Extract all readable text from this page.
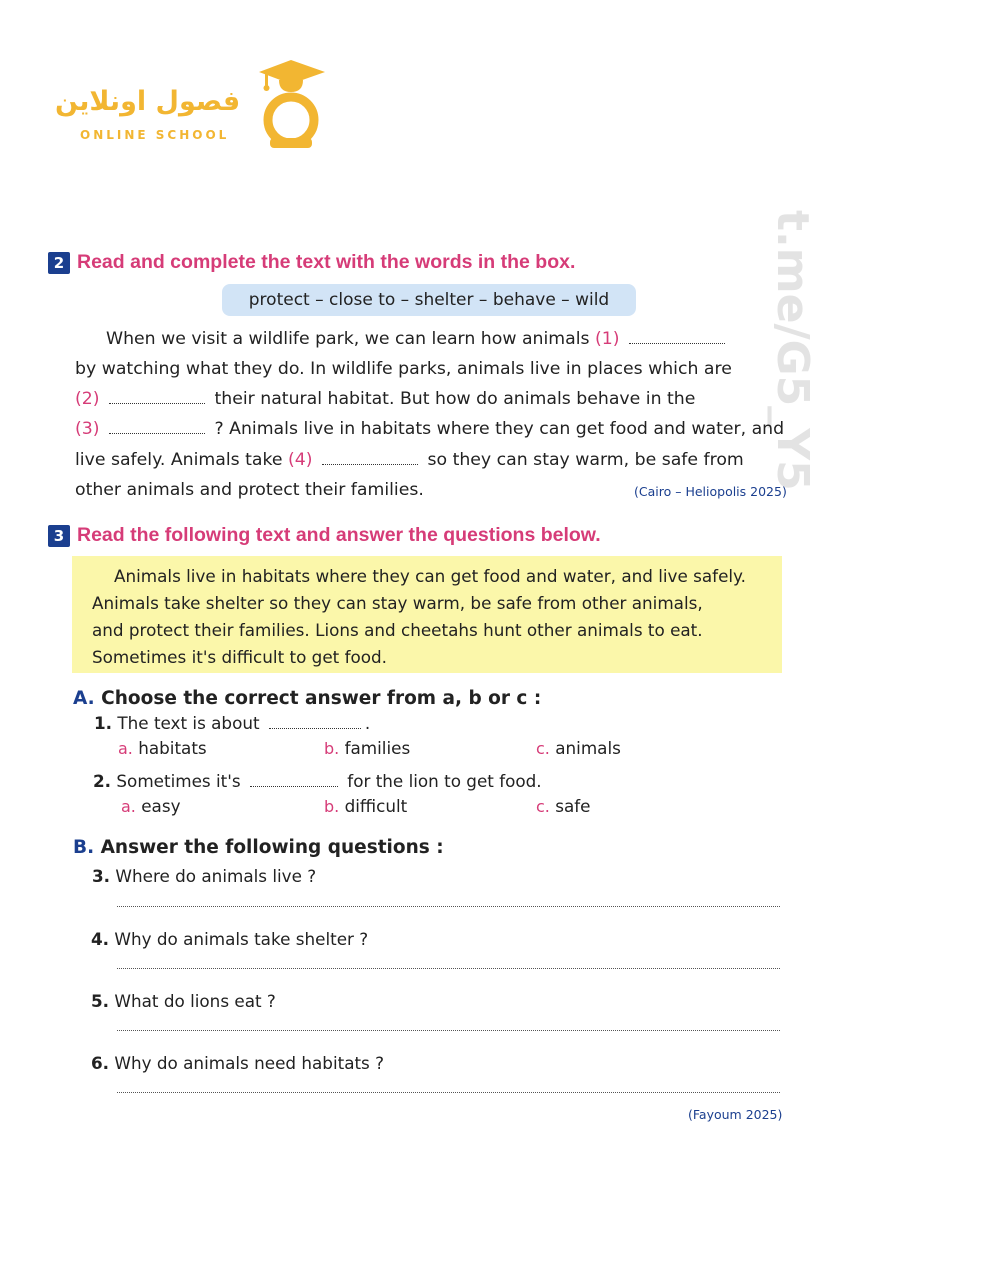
فصول اونلاين
ONLINE SCHOOL
t.me/G5_Y5
2 Read and complete the text with the words in the box.
protect – close to – shelter – behave – wild
When we visit a wildlife park, we can learn how animals (1)
by watching what they do. In wildlife parks, animals live in places which are
(2)	their natural habitat. But how do animals behave in the
(3)	? Animals live in habitats where they can get food and water, and
live safely. Animals take (4)	so they can stay warm, be safe from
other animals and protect their families.	(Cairo – Heliopolis 2025)
3 Read the following text and answer the questions below.
Animals live in habitats where they can get food and water, and live safely.
Animals take shelter so they can stay warm, be safe from other animals,
and protect their families. Lions and cheetahs hunt other animals to eat.
Sometimes it's difficult to get food.
A. Choose the correct answer from a, b or c :
1. The text is about	.
a. habitats	b. families	c. animals
2. Sometimes it's	for the lion to get food.
a. easy	b. difficult	c. safe
B. Answer the following questions :
3. Where do animals live ?
4. Why do animals take shelter ?
5. What do lions eat ?
6. Why do animals need habitats ?
(Fayoum 2025)
